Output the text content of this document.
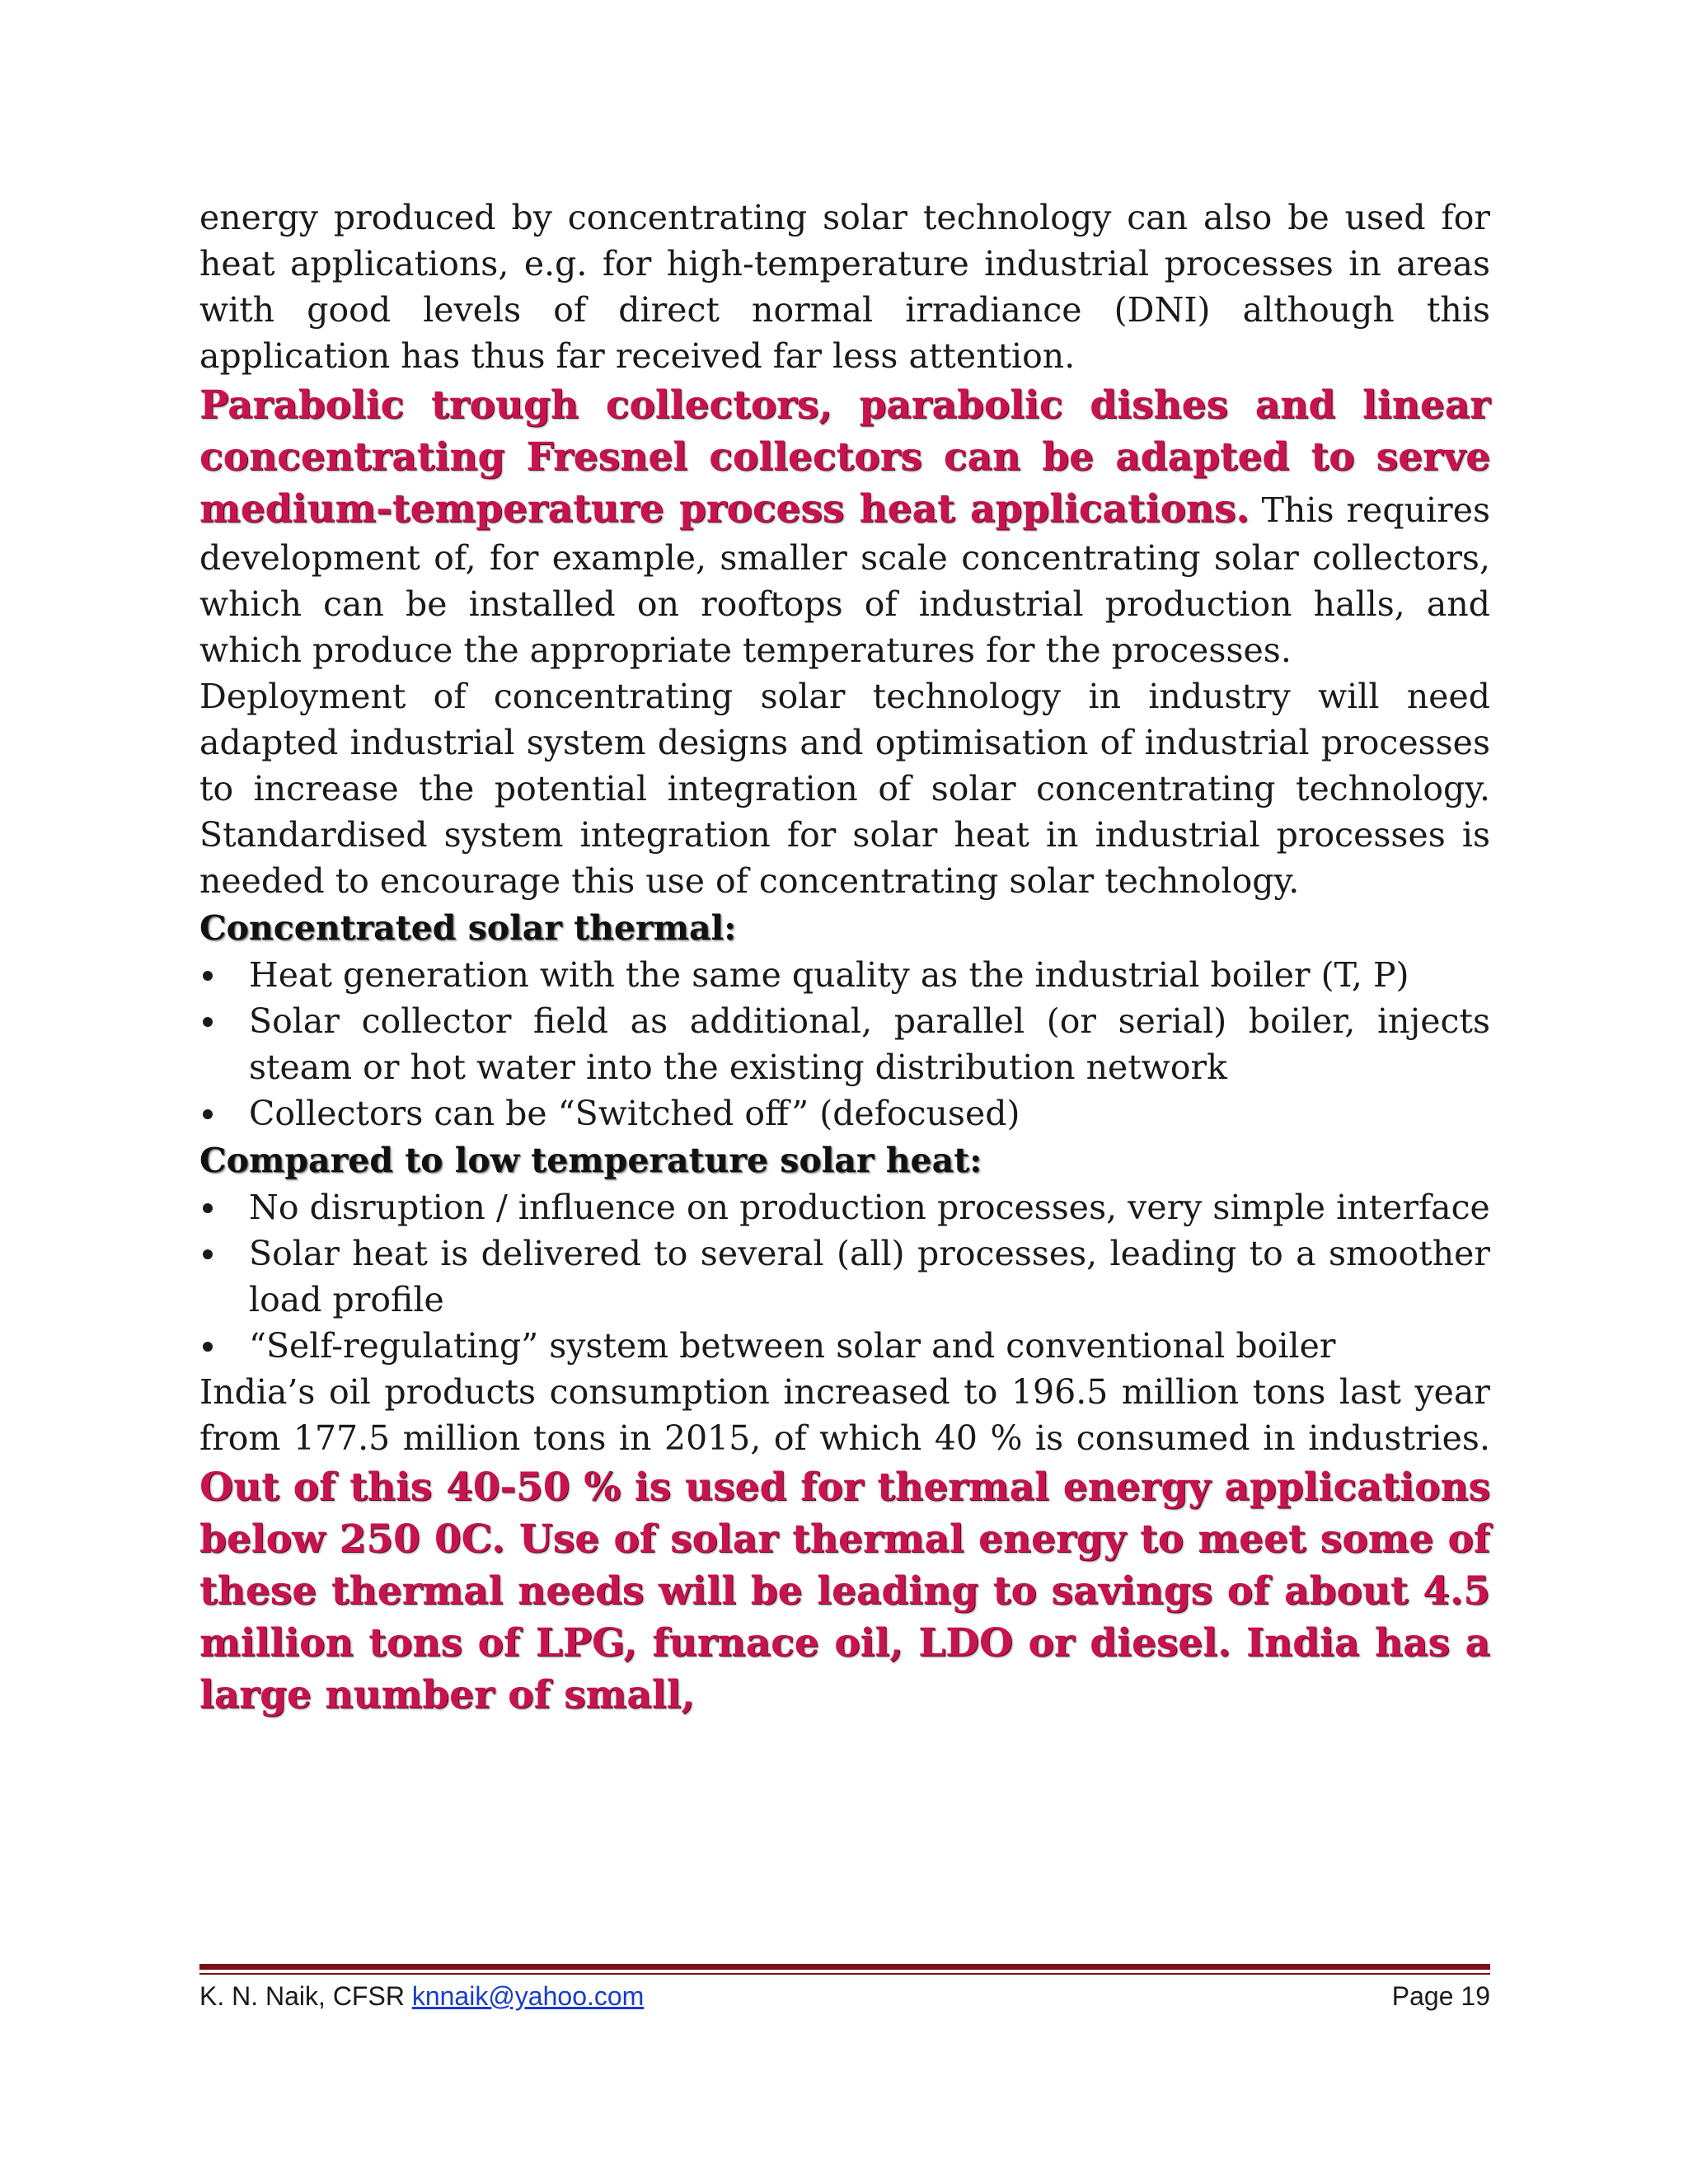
energy produced by concentrating solar technology can also be used for heat applications, e.g. for high-temperature industrial processes in areas with good levels of direct normal irradiance (DNI) although this application has thus far received far less attention.

Parabolic trough collectors, parabolic dishes and linear concentrating Fresnel collectors can be adapted to serve medium-temperature process heat applications. This requires development of, for example, smaller scale concentrating solar collectors, which can be installed on rooftops of industrial production halls, and which produce the appropriate temperatures for the processes.

Deployment of concentrating solar technology in industry will need adapted industrial system designs and optimisation of industrial processes to increase the potential integration of solar concentrating technology. Standardised system integration for solar heat in industrial processes is needed to encourage this use of concentrating solar technology.

Concentrated solar thermal:

Heat generation with the same quality as the industrial boiler (T, P)
Solar collector field as additional, parallel (or serial) boiler, injects steam or hot water into the existing distribution network
Collectors can be “Switched off” (defocused)

Compared to low temperature solar heat:

No disruption / influence on production processes, very simple interface
Solar heat is delivered to several (all) processes, leading to a smoother load profile
“Self-regulating” system between solar and conventional boiler

India’s oil products consumption increased to 196.5 million tons last year from 177.5 million tons in 2015, of which 40 % is consumed in industries. Out of this 40-50 % is used for thermal energy applications below 250 0C. Use of solar thermal energy to meet some of these thermal needs will be leading to savings of about 4.5 million tons of LPG, furnace oil, LDO or diesel. India has a large number of small,

K. N. Naik, CFSR knnaik@yahoo.com	Page 19
